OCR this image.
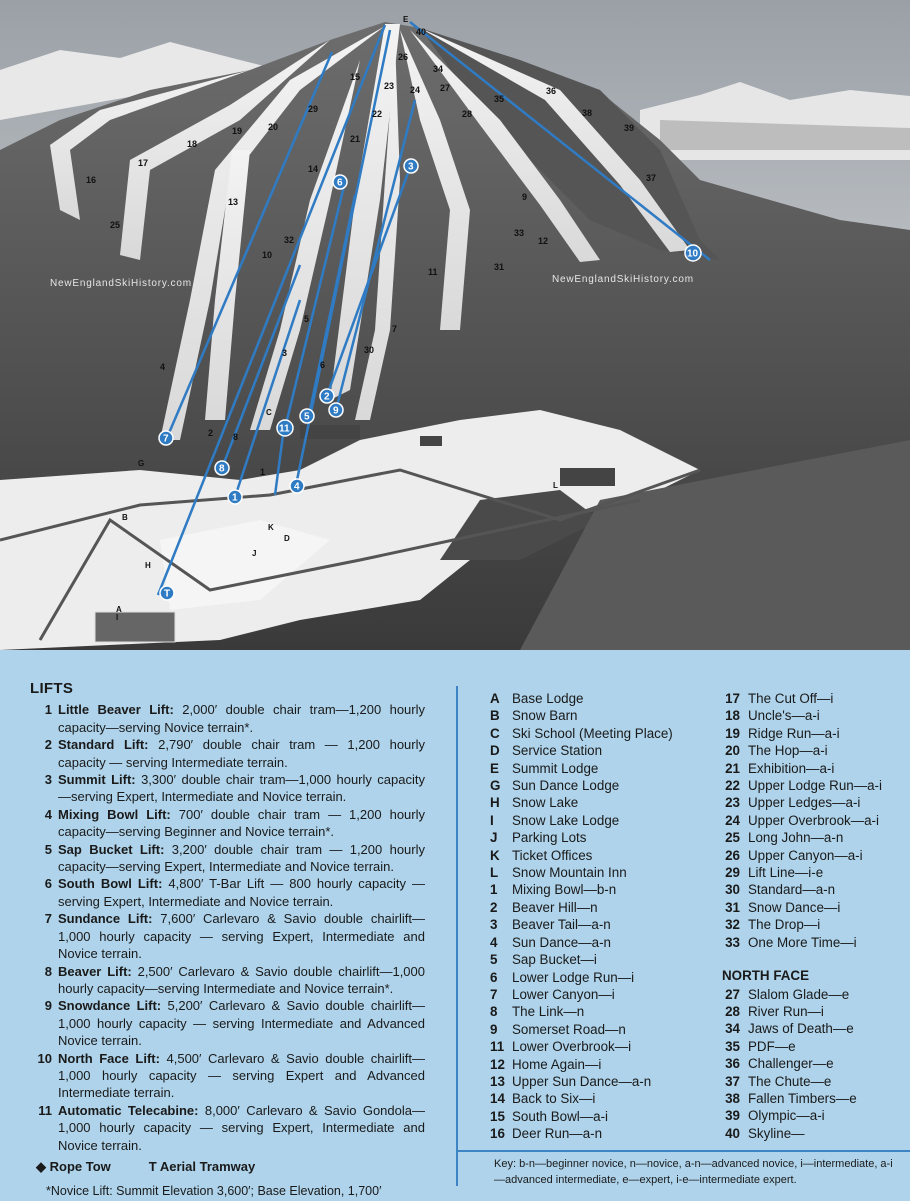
NewEnglandSkiHistory.com	NewEnglandSkiHistory.com
1
2
3
4
5
6
7
8
9
10
11
12
13
14
15
16
17
18
19	20
21
22
23 24
25
26
27
28
29
30
31
32
33
34
35
36
37
38
39
40
A
B
C
D
E
G
H
I
J
K
L
1
2
3
4
5
6
7
8
9
10
11
T
LIFTS
1 Little Beaver Lift: 2,000′ double chair tram—1,200 hourly capacity—serving Novice terrain*.
2 Standard Lift: 2,790′ double chair tram — 1,200 hourly capacity — serving Intermediate terrain.
3 Summit Lift: 3,300′ double chair tram—1,000 hourly capacity—serving Expert, Intermediate and Novice terrain.
4 Mixing Bowl Lift: 700′ double chair tram — 1,200 hourly capacity—serving Beginner and Novice terrain*.
5 Sap Bucket Lift: 3,200′ double chair tram — 1,200 hourly capacity—serving Expert, Intermediate and Novice terrain.
6 South Bowl Lift: 4,800′ T-Bar Lift — 800 hourly capacity — serving Expert, Intermediate and Novice terrain.
7 Sundance Lift: 7,600′ Carlevaro & Savio double chairlift—1,000 hourly capacity — serving Expert, Intermediate and Novice terrain.
8 Beaver Lift: 2,500′ Carlevaro & Savio double chairlift—1,000 hourly capacity—serving Intermediate and Novice terrain*.
9 Snowdance Lift: 5,200′ Carlevaro & Savio double chairlift—1,000 hourly capacity — serving Intermediate and Advanced Novice terrain.
10 North Face Lift: 4,500′ Carlevaro & Savio double chairlift—1,000 hourly capacity — serving Expert and Advanced Intermediate terrain.
11 Automatic Telecabine: 8,000′ Carlevaro & Savio Gondola—1,000 hourly capacity — serving Expert, Intermediate and Novice terrain.
◆ Rope Tow	T Aerial Tramway
*Novice Lift: Summit Elevation 3,600′; Base Elevation, 1,700′
A Base Lodge
B Snow Barn
C Ski School (Meeting Place)
D Service Station
E Summit Lodge
G Sun Dance Lodge
H Snow Lake
I	Snow Lake Lodge
J	Parking Lots
K Ticket Offices
L	Snow Mountain Inn
1	Mixing Bowl—b-n
2	Beaver Hill—n
3	Beaver Tail—a-n
4	Sun Dance—a-n
5	Sap Bucket—i
6	Lower Lodge Run—i
7	Lower Canyon—i
8	The Link—n
9	Somerset Road—n
11 Lower Overbrook—i
12 Home Again—i
13 Upper Sun Dance—a-n
14 Back to Six—i
15 South Bowl—a-i
16 Deer Run—a-n
17 The Cut Off—i
18 Uncle's—a-i
19 Ridge Run—a-i
20 The Hop—a-i
21 Exhibition—a-i
22 Upper Lodge Run—a-i
23 Upper Ledges—a-i
24 Upper Overbrook—a-i
25 Long John—a-n
26 Upper Canyon—a-i
29 Lift Line—i-e
30 Standard—a-n
31 Snow Dance—i
32 The Drop—i
33 One More Time—i
NORTH FACE
27 Slalom Glade—e
28 River Run—i
34 Jaws of Death—e
35 PDF—e
36 Challenger—e
37 The Chute—e
38 Fallen Timbers—e
39 Olympic—a-i
40 Skyline—
Key: b-n—beginner novice, n—novice, a-n—advanced novice, i—intermediate, a-i—advanced intermediate, e—expert, i-e—intermediate expert.
